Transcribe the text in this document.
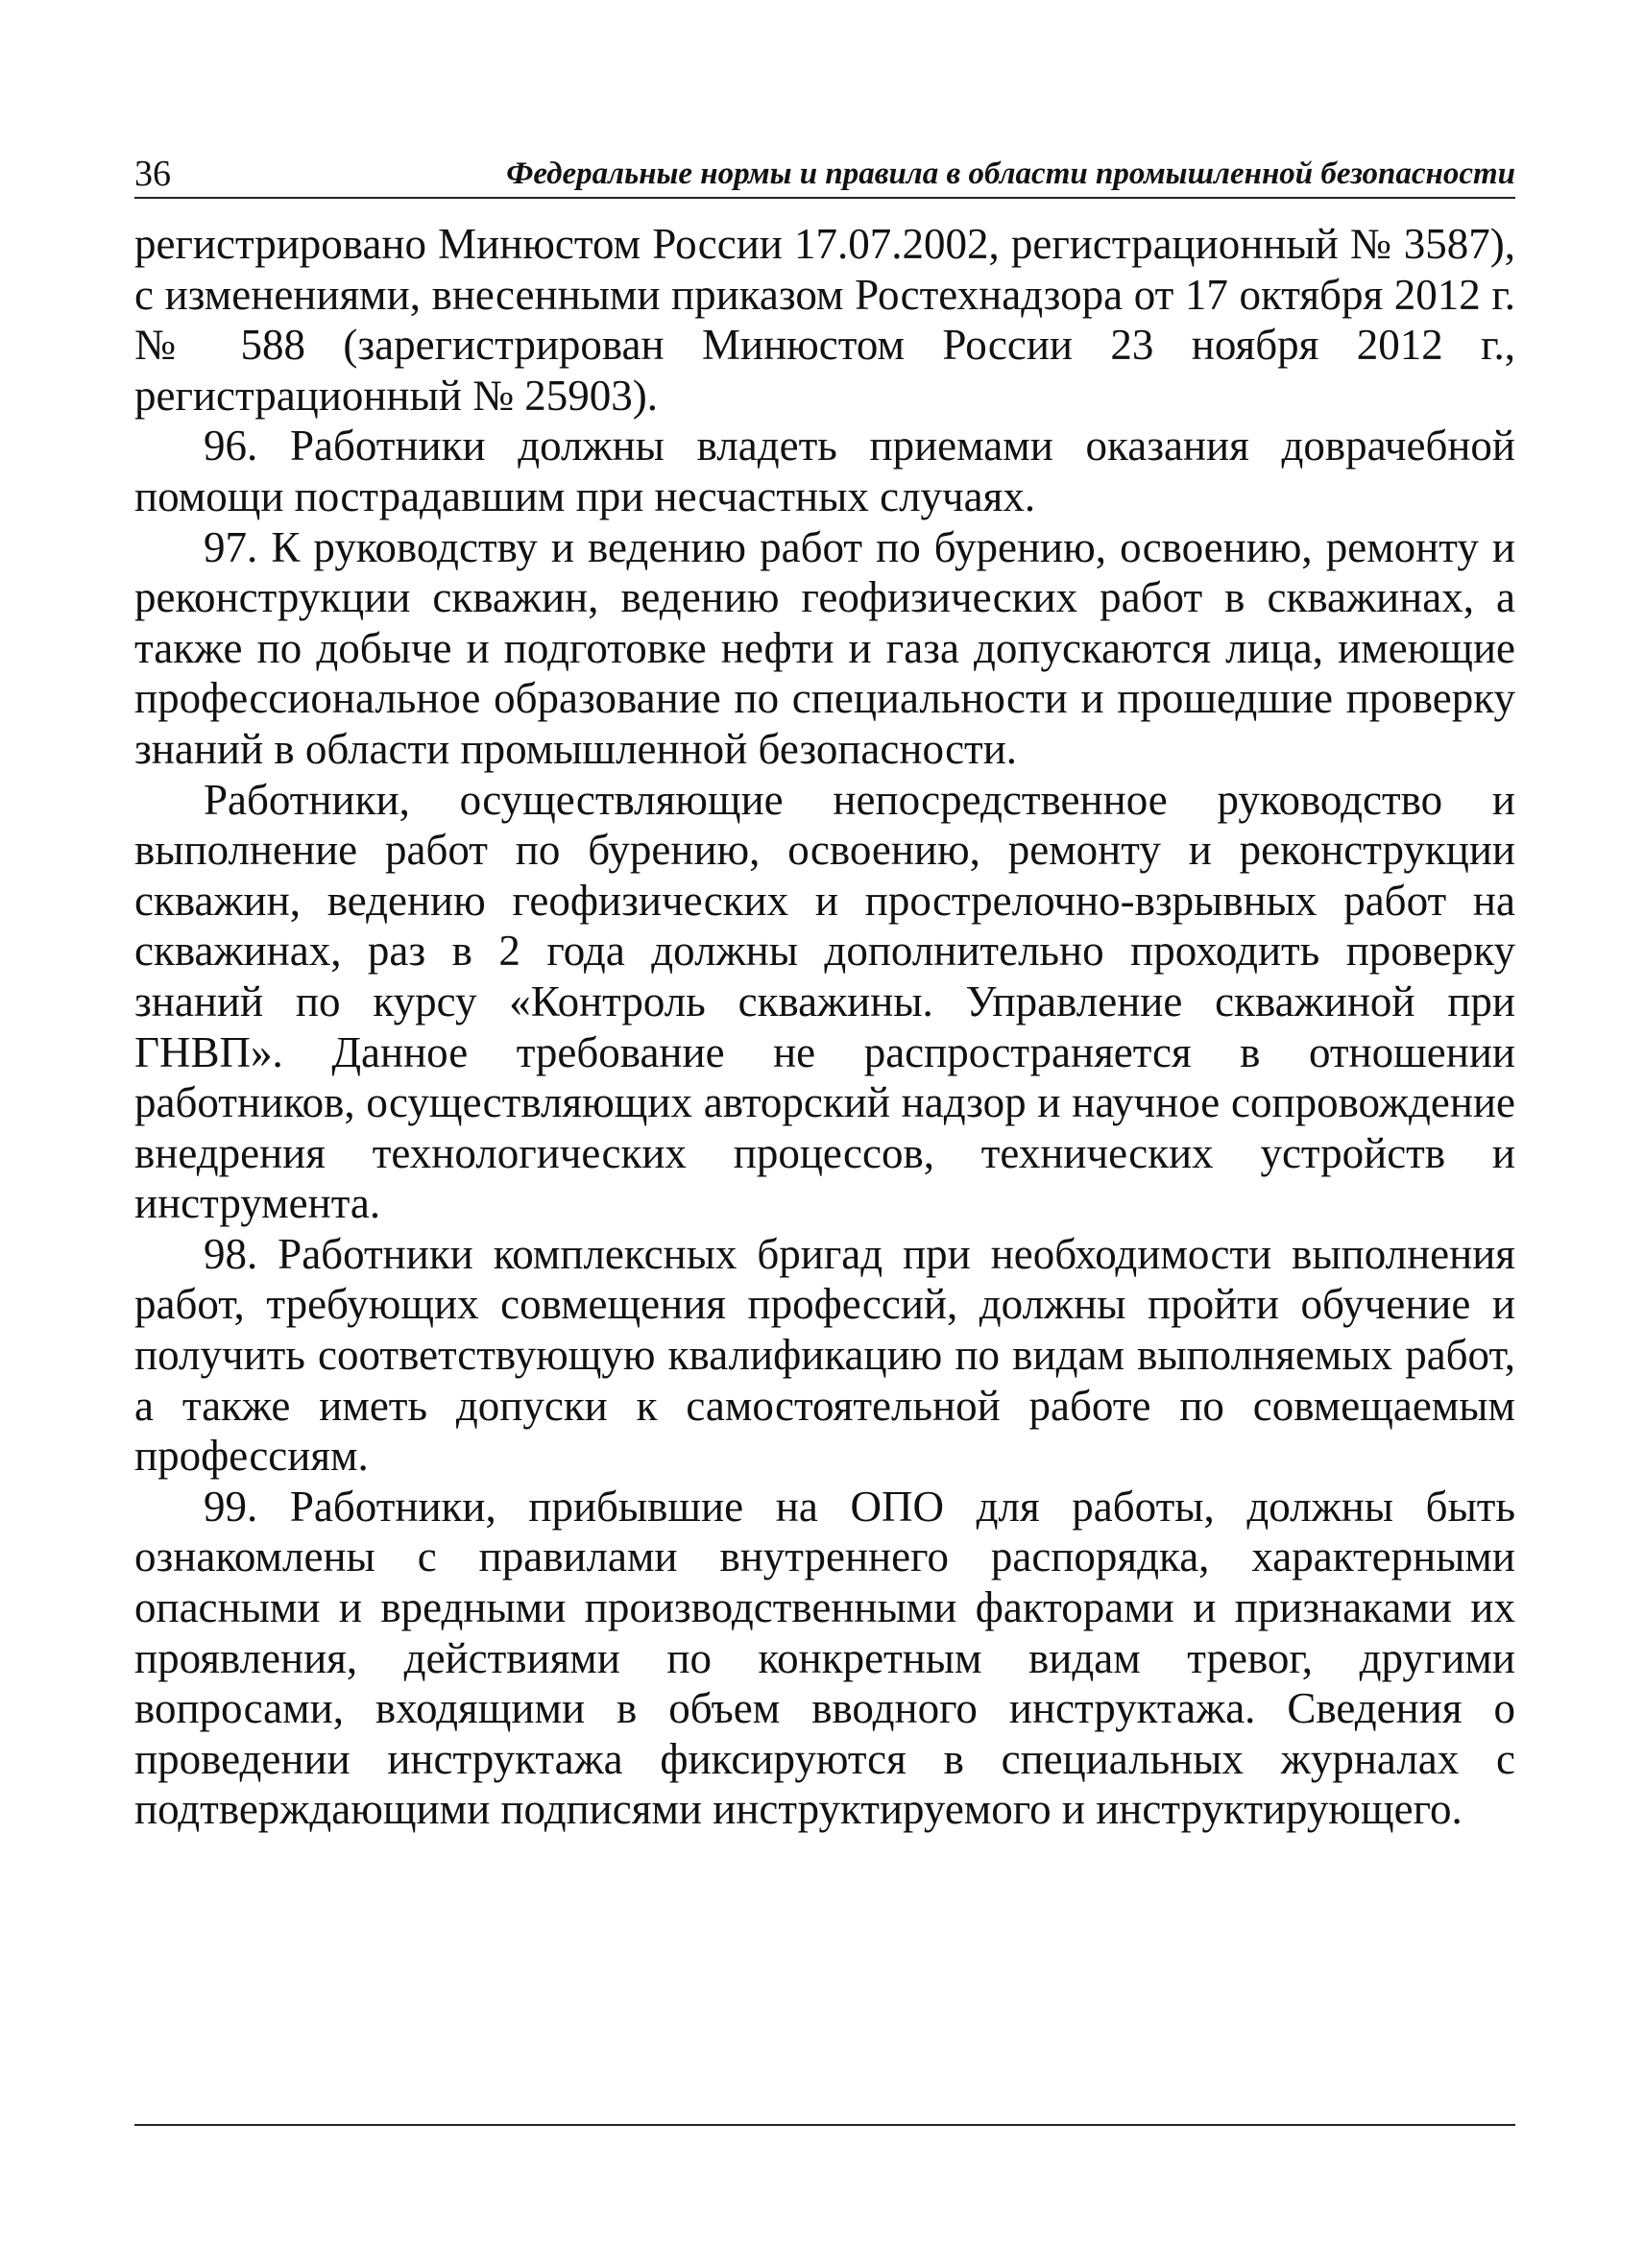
36	Федеральные нормы и правила в области промышленной безопасности

регистрировано Минюстом России 17.07.2002, регистрационный № 3587), с изменениями, внесенными приказом Ростехнадзора от 17 октября 2012 г. № 588 (зарегистрирован Минюстом России 23 ноября 2012 г., регистрационный № 25903).

96. Работники должны владеть приемами оказания доврачебной помощи пострадавшим при несчастных случаях.

97. К руководству и ведению работ по бурению, освоению, ремонту и реконструкции скважин, ведению геофизических работ в скважинах, а также по добыче и подготовке нефти и газа допускаются лица, имеющие профессиональное образование по специальности и прошедшие проверку знаний в области промышленной безопасности.

Работники, осуществляющие непосредственное руководство и выполнение работ по бурению, освоению, ремонту и реконструкции скважин, ведению геофизических и прострелочно-взрывных работ на скважинах, раз в 2 года должны дополнительно проходить проверку знаний по курсу «Контроль скважины. Управление скважиной при ГНВП». Данное требование не распространяется в отношении работников, осуществляющих авторский надзор и научное сопровождение внедрения технологических процессов, технических устройств и инструмента.

98. Работники комплексных бригад при необходимости выполнения работ, требующих совмещения профессий, должны пройти обучение и получить соответствующую квалификацию по видам выполняемых работ, а также иметь допуски к самостоятельной работе по совмещаемым профессиям.

99. Работники, прибывшие на ОПО для работы, должны быть ознакомлены с правилами внутреннего распорядка, характерными опасными и вредными производственными факторами и признаками их проявления, действиями по конкретным видам тревог, другими вопросами, входящими в объем вводного инструктажа. Сведения о проведении инструктажа фиксируются в специальных журналах с подтверждающими подписями инструктируемого и инструктирующего.
